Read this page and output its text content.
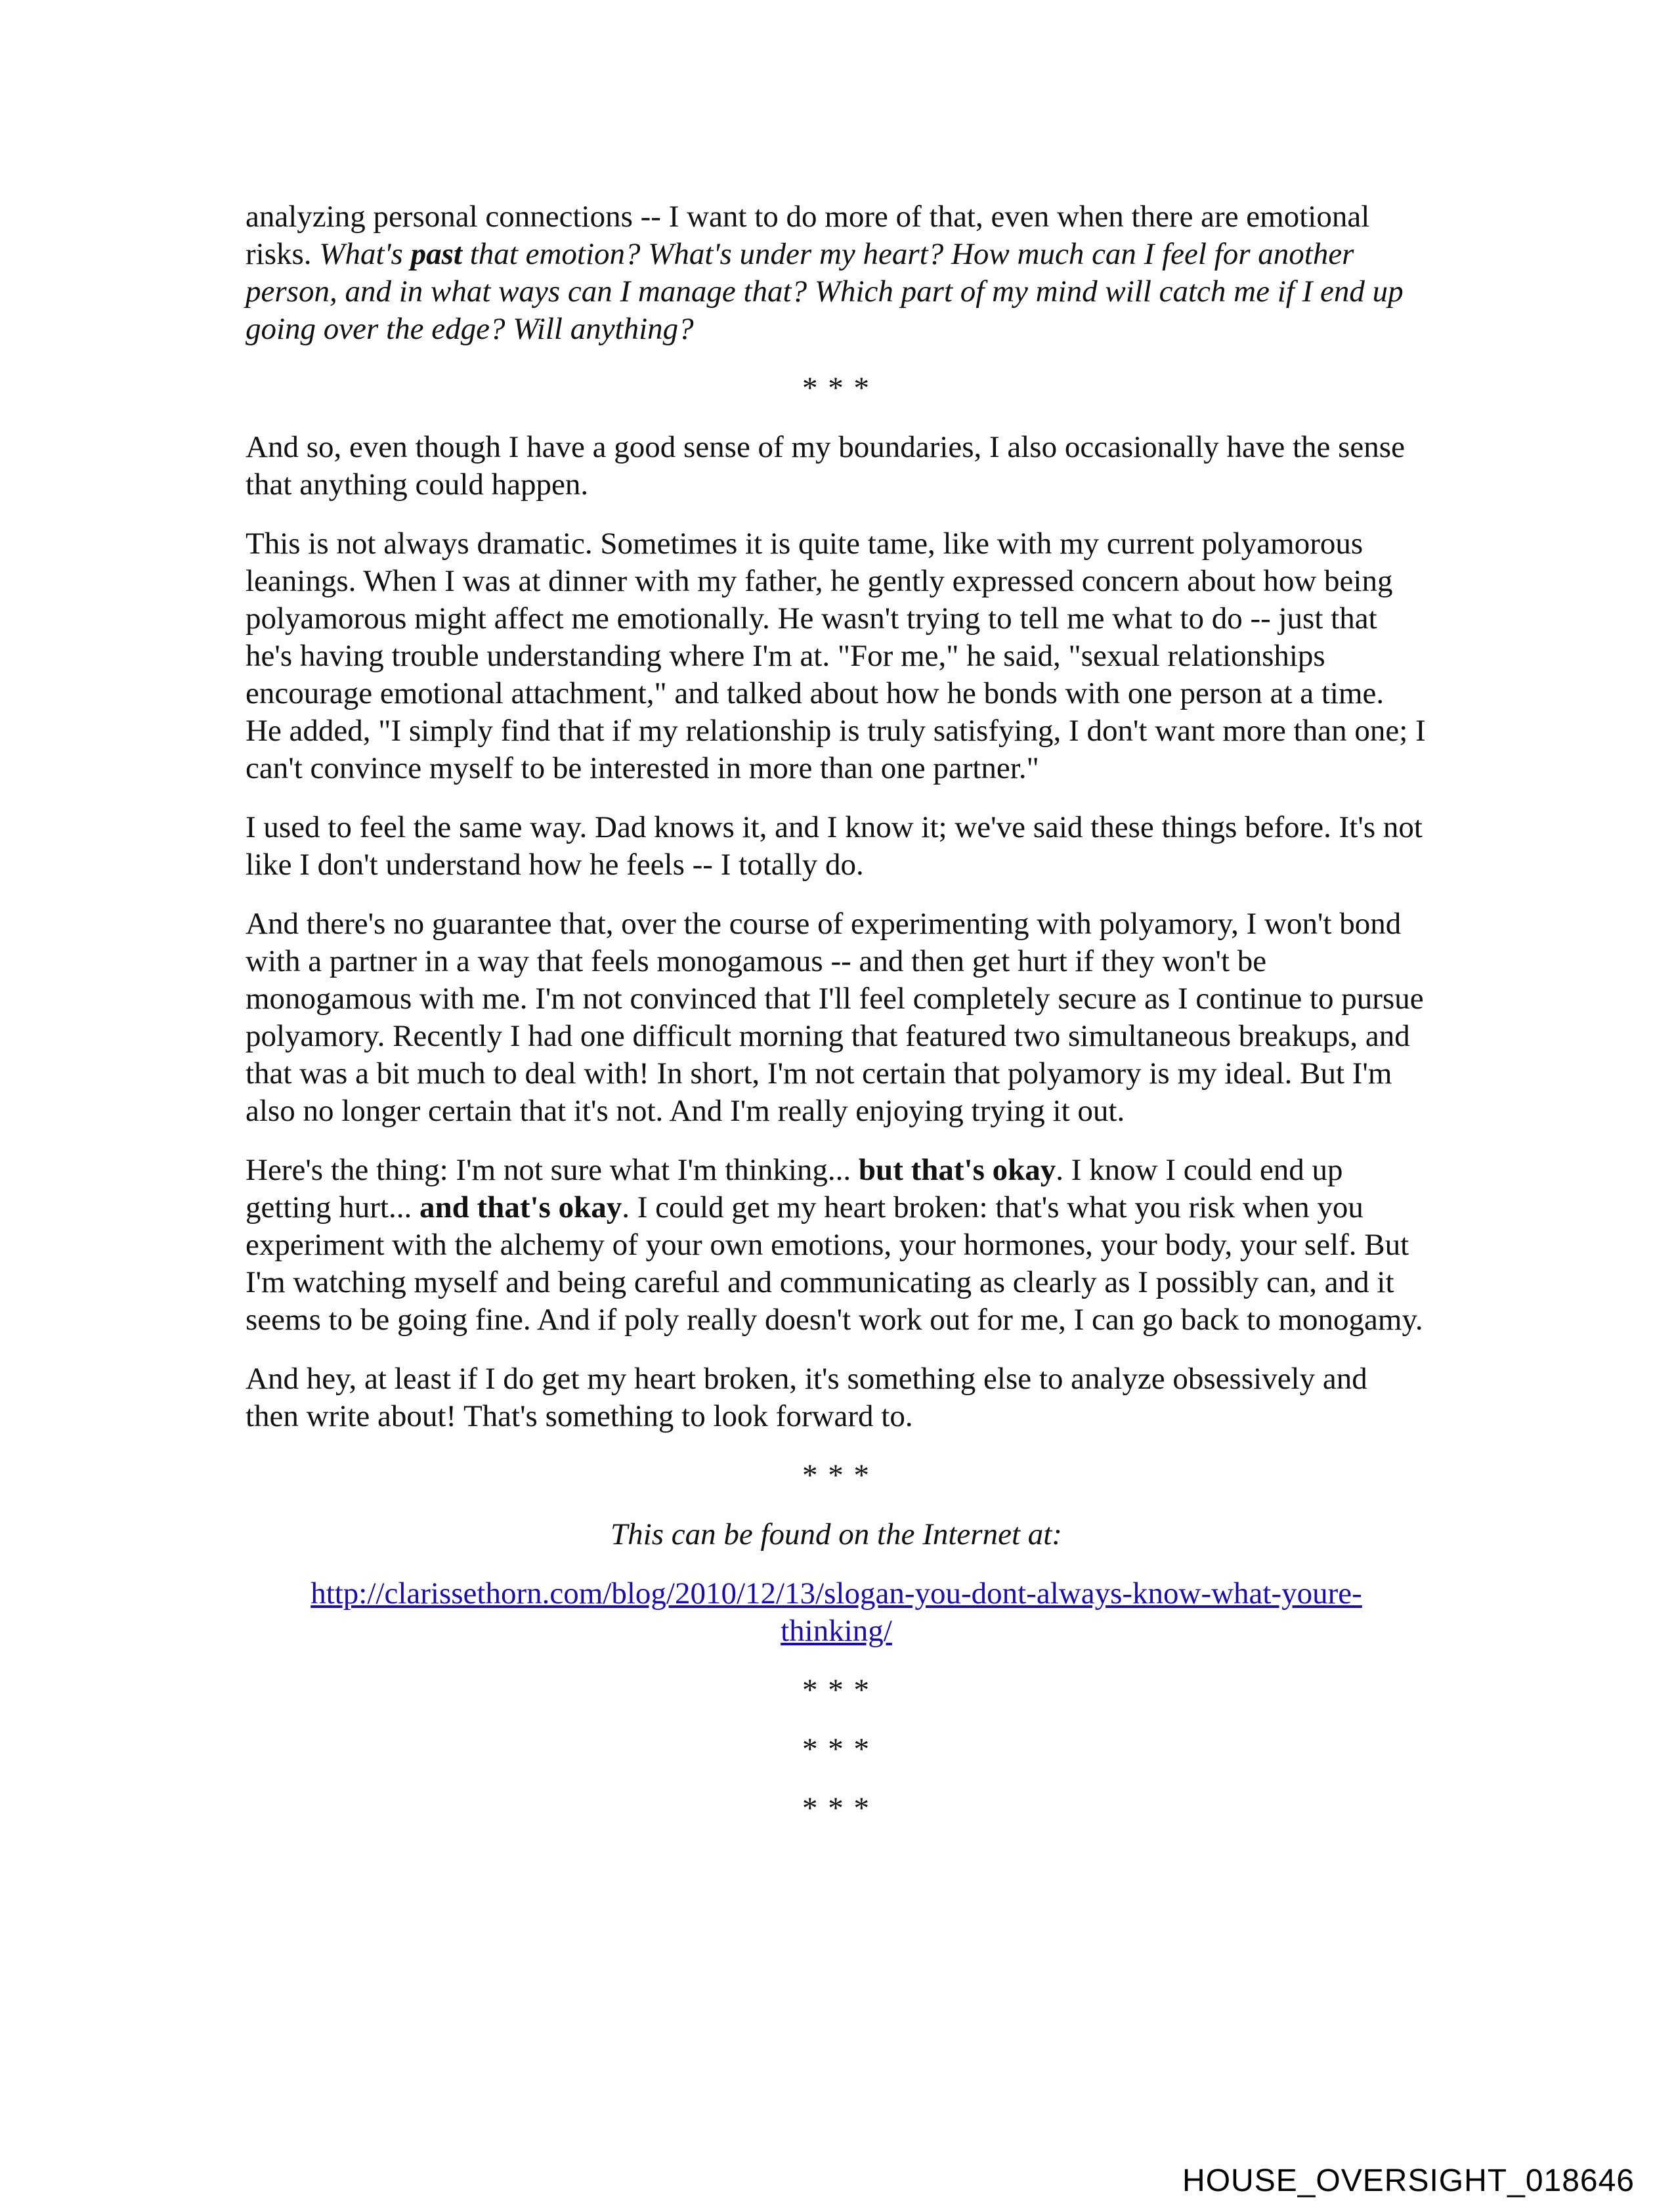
analyzing personal connections -- I want to do more of that, even when there are emotional risks. What's past that emotion? What's under my heart? How much can I feel for another person, and in what ways can I manage that? Which part of my mind will catch me if I end up going over the edge? Will anything?

* * *

And so, even though I have a good sense of my boundaries, I also occasionally have the sense that anything could happen.

This is not always dramatic. Sometimes it is quite tame, like with my current polyamorous leanings. When I was at dinner with my father, he gently expressed concern about how being polyamorous might affect me emotionally. He wasn't trying to tell me what to do -- just that he's having trouble understanding where I'm at. "For me," he said, "sexual relationships encourage emotional attachment," and talked about how he bonds with one person at a time. He added, "I simply find that if my relationship is truly satisfying, I don't want more than one; I can't convince myself to be interested in more than one partner."

I used to feel the same way. Dad knows it, and I know it; we've said these things before. It's not like I don't understand how he feels -- I totally do.

And there's no guarantee that, over the course of experimenting with polyamory, I won't bond with a partner in a way that feels monogamous -- and then get hurt if they won't be monogamous with me. I'm not convinced that I'll feel completely secure as I continue to pursue polyamory. Recently I had one difficult morning that featured two simultaneous breakups, and that was a bit much to deal with! In short, I'm not certain that polyamory is my ideal. But I'm also no longer certain that it's not. And I'm really enjoying trying it out.

Here's the thing: I'm not sure what I'm thinking... but that's okay. I know I could end up getting hurt... and that's okay. I could get my heart broken: that's what you risk when you experiment with the alchemy of your own emotions, your hormones, your body, your self. But I'm watching myself and being careful and communicating as clearly as I possibly can, and it seems to be going fine. And if poly really doesn't work out for me, I can go back to monogamy.

And hey, at least if I do get my heart broken, it's something else to analyze obsessively and then write about! That's something to look forward to.

* * *
This can be found on the Internet at:
http://clarissethorn.com/blog/2010/12/13/slogan-you-dont-always-know-what-youre-
thinking/
* * *
* * *
* * *
HOUSE_OVERSIGHT_018646
